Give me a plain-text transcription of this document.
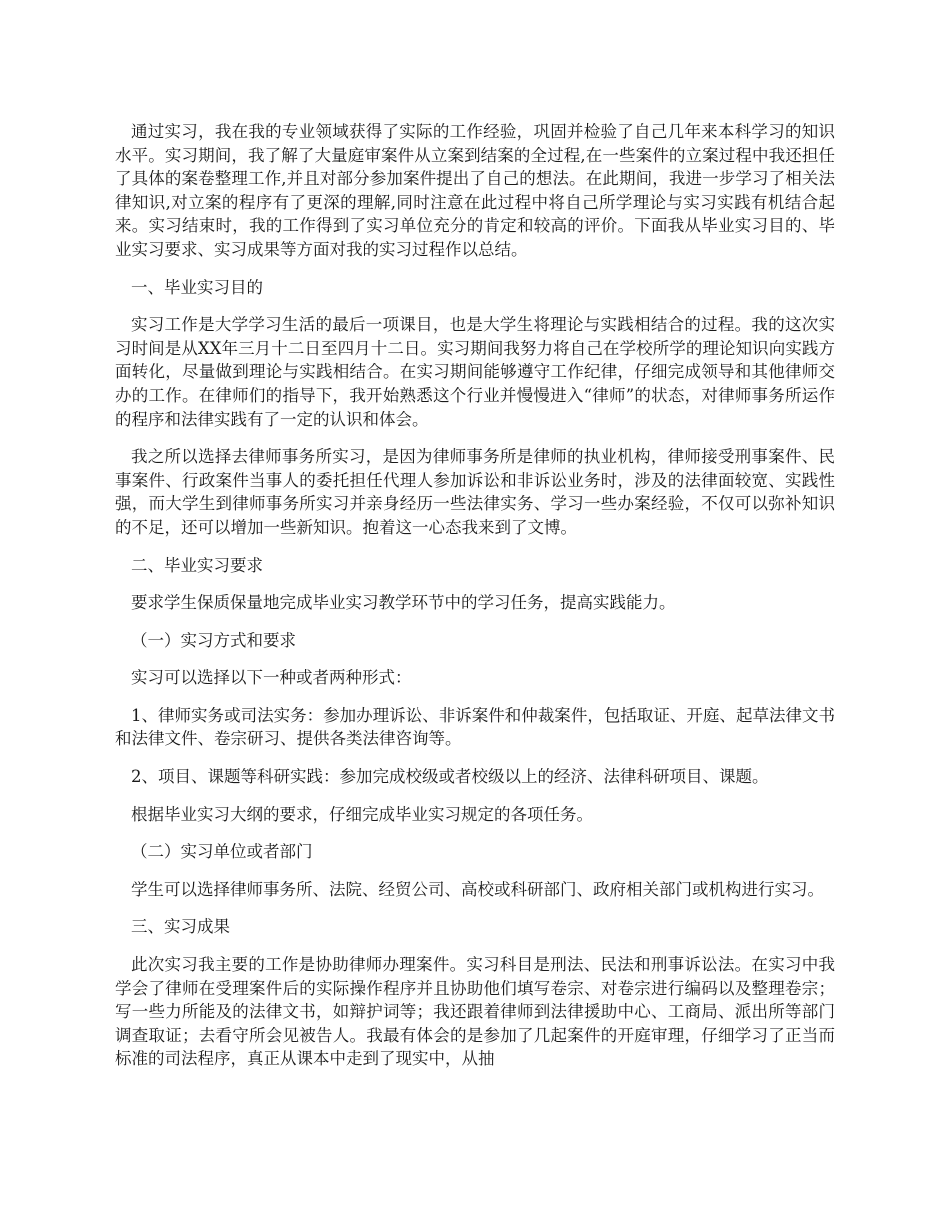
通过实习，我在我的专业领域获得了实际的工作经验，巩固并检验了自己几年来本科学习的知识水平。实习期间，我了解了大量庭审案件从立案到结案的全过程,在一些案件的立案过程中我还担任了具体的案卷整理工作,并且对部分参加案件提出了自己的想法。在此期间，我进一步学习了相关法律知识,对立案的程序有了更深的理解,同时注意在此过程中将自己所学理论与实习实践有机结合起来。实习结束时，我的工作得到了实习单位充分的肯定和较高的评价。下面我从毕业实习目的、毕业实习要求、实习成果等方面对我的实习过程作以总结。

一、毕业实习目的

实习工作是大学学习生活的最后一项课目，也是大学生将理论与实践相结合的过程。我的这次实习时间是从XX年三月十二日至四月十二日。实习期间我努力将自己在学校所学的理论知识向实践方面转化，尽量做到理论与实践相结合。在实习期间能够遵守工作纪律，仔细完成领导和其他律师交办的工作。在律师们的指导下，我开始熟悉这个行业并慢慢进入“律师”的状态，对律师事务所运作的程序和法律实践有了一定的认识和体会。

我之所以选择去律师事务所实习，是因为律师事务所是律师的执业机构，律师接受刑事案件、民事案件、行政案件当事人的委托担任代理人参加诉讼和非诉讼业务时，涉及的法律面较宽、实践性强，而大学生到律师事务所实习并亲身经历一些法律实务、学习一些办案经验，不仅可以弥补知识的不足，还可以增加一些新知识。抱着这一心态我来到了文博。

二、毕业实习要求

要求学生保质保量地完成毕业实习教学环节中的学习任务，提高实践能力。

（一）实习方式和要求

实习可以选择以下一种或者两种形式：

1、律师实务或司法实务：参加办理诉讼、非诉案件和仲裁案件，包括取证、开庭、起草法律文书和法律文件、卷宗研习、提供各类法律咨询等。

2、项目、课题等科研实践：参加完成校级或者校级以上的经济、法律科研项目、课题。

根据毕业实习大纲的要求，仔细完成毕业实习规定的各项任务。

（二）实习单位或者部门

学生可以选择律师事务所、法院、经贸公司、高校或科研部门、政府相关部门或机构进行实习。

三、实习成果

此次实习我主要的工作是协助律师办理案件。实习科目是刑法、民法和刑事诉讼法。在实习中我学会了律师在受理案件后的实际操作程序并且协助他们填写卷宗、对卷宗进行编码以及整理卷宗；写一些力所能及的法律文书，如辩护词等；我还跟着律师到法律援助中心、工商局、派出所等部门调查取证；去看守所会见被告人。我最有体会的是参加了几起案件的开庭审理，仔细学习了正当而标准的司法程序，真正从课本中走到了现实中，从抽
